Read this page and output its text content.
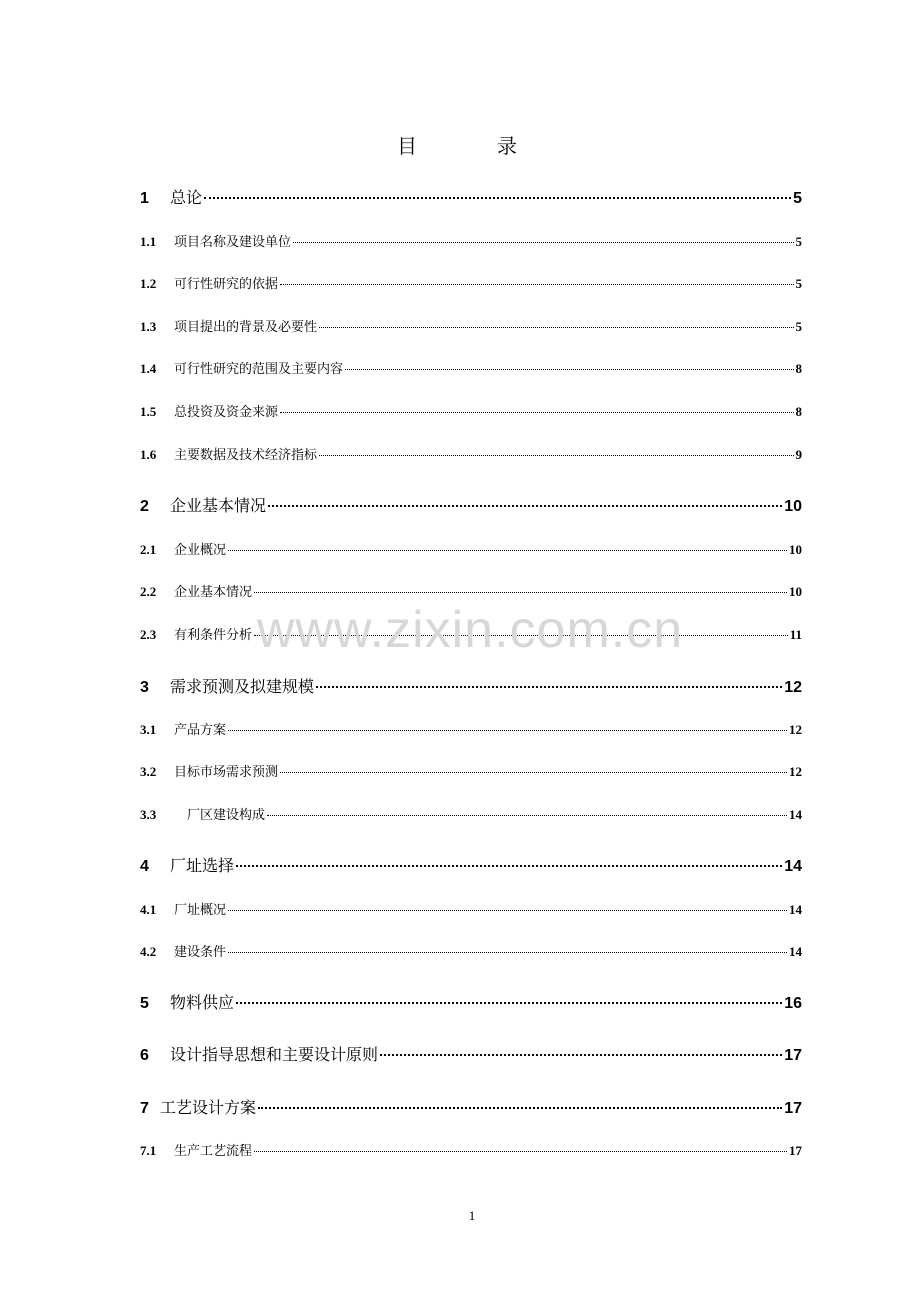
目　录
1	总论	5
1.1	项目名称及建设单位	5
1.2	可行性研究的依据	5
1.3	项目提出的背景及必要性	5
1.4	可行性研究的范围及主要内容	8
1.5	总投资及资金来源	8
1.6	主要数据及技术经济指标	9
2	企业基本情况	10
2.1	企业概况	10
2.2	企业基本情况	10
2.3	有利条件分析	11
3	需求预测及拟建规模	12
3.1	产品方案	12
3.2	目标市场需求预测	12
3.3	　厂区建设构成	14
4	厂址选择	14
4.1	厂址概况	14
4.2	建设条件	14
5	物料供应	16
6	设计指导思想和主要设计原则	17
7 工艺设计方案	17
7.1	生产工艺流程	17
www.zixin.com.cn
1
